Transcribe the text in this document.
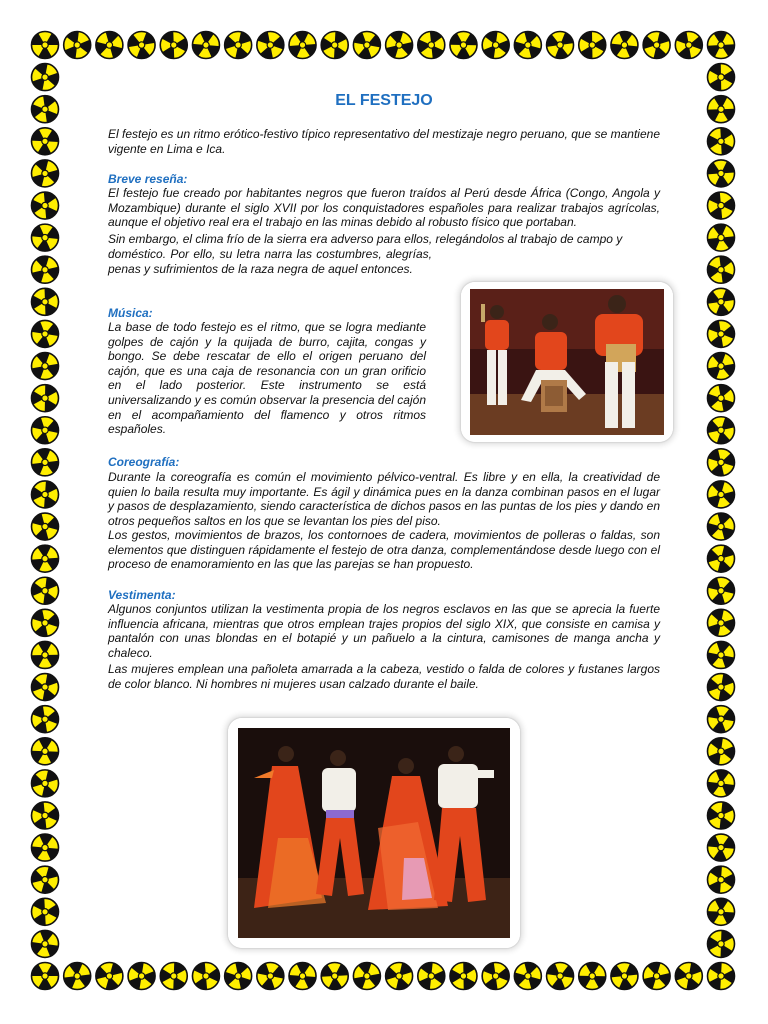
EL FESTEJO

El festejo es un ritmo erótico-festivo típico representativo del mestizaje negro peruano, que se mantiene vigente en Lima e Ica.

Breve reseña:

El festejo fue creado por habitantes negros que fueron traídos al Perú desde África (Congo, Angola y Mozambique) durante el siglo XVII por los conquistadores españoles para realizar trabajos agrícolas, aunque el objetivo real era el trabajo en las minas debido al robusto físico que portaban.

Sin embargo, el clima frío de la sierra era adverso para ellos, relegándolos al trabajo de campo y

doméstico. Por ello, su letra narra las costumbres, alegrías, penas y sufrimientos de la raza negra de aquel entonces.

Música:

La base de todo festejo es el ritmo, que se logra mediante golpes de cajón y la quijada de burro, cajita, congas y bongo. Se debe rescatar de ello el origen peruano del cajón, que es una caja de resonancia con un gran orificio en el lado posterior. Este instrumento se está universalizando y es común observar la presencia del cajón en el acompañamiento del flamenco y otros ritmos españoles.

Coreografía:

Durante la coreografía es común el movimiento pélvico-ventral. Es libre y en ella, la creatividad de quien lo baila resulta muy importante. Es ágil y dinámica pues en la danza combinan pasos en el lugar y pasos de desplazamiento, siendo característica de dichos pasos en las puntas de los pies y dando en otros pequeños saltos en los que se levantan los pies del piso.

Los gestos, movimientos de brazos, los contornoes de cadera, movimientos de polleras o faldas, son elementos que distinguen rápidamente el festejo de otra danza, complementándose desde luego con el proceso de enamoramiento en las que las parejas se han propuesto.

Vestimenta:

Algunos conjuntos utilizan la vestimenta propia de los negros esclavos en las que se aprecia la fuerte influencia africana, mientras que otros emplean trajes propios del siglo XIX, que consiste en camisa y pantalón con unas blondas en el botapié y un pañuelo a la cintura, camisones de manga ancha y chaleco.

Las mujeres emplean una pañoleta amarrada a la cabeza, vestido o falda de colores y fustanes largos de color blanco. Ni hombres ni mujeres usan calzado durante el baile.
